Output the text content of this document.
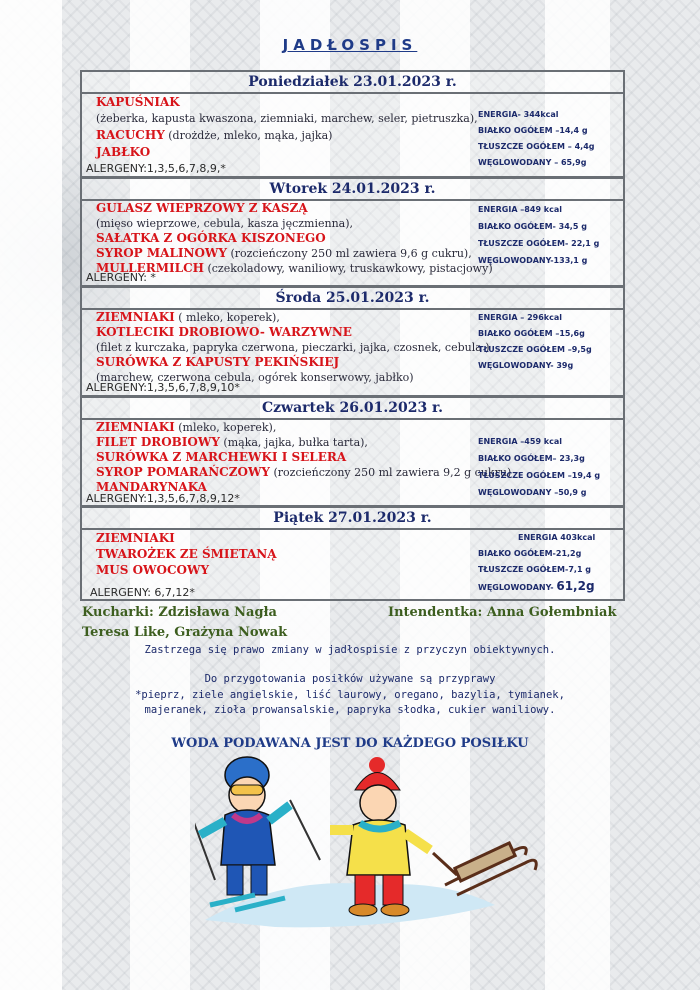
JADŁOSPIS
Poniedziałek 23.01.2023 r.
KAPUŚNIAK
(żeberka, kapusta kwaszona, ziemniaki, marchew, seler, pietruszka),
RACUCHY (drożdże, mleko, mąka, jajka)
JABŁKO
ENERGIA- 344kcal
BIAŁKO OGÓŁEM –14,4 g
TŁUSZCZE OGÓŁEM – 4,4g
WĘGLOWODANY – 65,9g
ALERGENY:1,3,5,6,7,8,9,*
Wtorek 24.01.2023 r.
GULASZ WIEPRZOWY Z KASZĄ
(mięso wieprzowe, cebula, kasza jęczmienna),
SAŁATKA Z OGÓRKA KISZONEGO
SYROP MALINOWY (rozcieńczony 250 ml zawiera 9,6 g cukru),
MULLERMILCH (czekoladowy, waniliowy, truskawkowy, pistacjowy)
ENERGIA –849 kcal
BIAŁKO OGÓŁEM- 34,5 g
TŁUSZCZE OGÓŁEM- 22,1 g
WĘGLOWODANY-133,1 g
ALERGENY: *
Środa 25.01.2023 r.
ZIEMNIAKI ( mleko, koperek),
KOTLECIKI DROBIOWO- WARZYWNE
(filet z kurczaka, papryka czerwona, pieczarki, jajka, czosnek, cebula )
SURÓWKA Z KAPUSTY PEKIŃSKIEJ
(marchew, czerwona cebula, ogórek konserwowy, jabłko)
ENERGIA – 296kcal
BIAŁKO OGÓŁEM –15,6g
TŁUSZCZE OGÓŁEM –9,5g
WĘGLOWODANY- 39g
ALERGENY:1,3,5,6,7,8,9,10*
Czwartek 26.01.2023 r.
ZIEMNIAKI (mleko, koperek),
FILET DROBIOWY (mąka, jajka, bułka tarta),
SURÓWKA Z MARCHEWKI I SELERA
SYROP POMARAŃCZOWY (rozcieńczony 250 ml zawiera 9,2 g cukru)
MANDARYNAKA
ENERGIA –459 kcal
BIAŁKO OGÓŁEM– 23,3g
TŁUSZCZE OGÓŁEM –19,4 g
WĘGLOWODANY –50,9 g
ALERGENY:1,3,5,6,7,8,9,12*
Piątek 27.01.2023 r.
ZIEMNIAKI
TWAROŻEK ZE ŚMIETANĄ
MUS OWOCOWY
ENERGIA 403kcal
BIAŁKO OGÓŁEM-21,2g
TŁUSZCZE OGÓŁEM-7,1 g
WĘGLOWODANY- 61,2g
ALERGENY: 6,7,12*
Kucharki: Zdzisława Nagła	Intendentka: Anna Gołembniak
Teresa Like, Grażyna Nowak
Zastrzega się prawo zmiany w jadłospisie z przyczyn obiektywnych.
Do przygotowania posiłków używane są przyprawy
*pieprz, ziele angielskie, liść laurowy, oregano, bazylia, tymianek,
majeranek, zioła prowansalskie, papryka słodka, cukier waniliowy.
WODA PODAWANA JEST DO KAŻDEGO POSIŁKU
